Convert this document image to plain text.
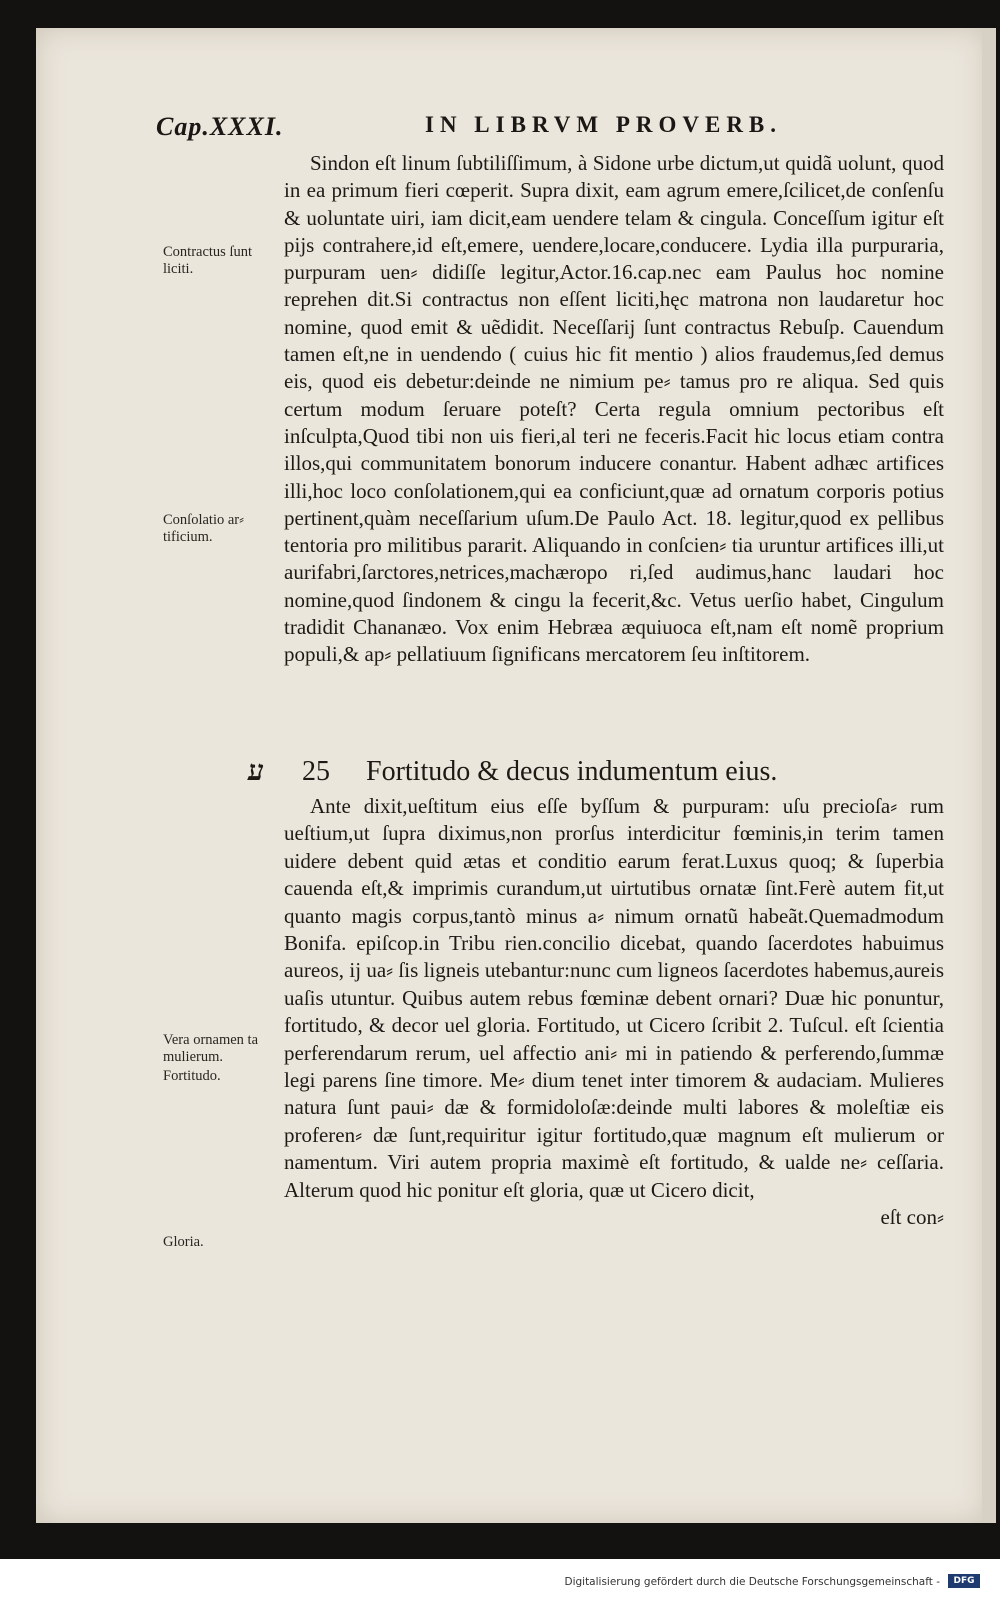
Cap.XXXI.	IN LIBRVM PROVERB.
Contractus ſunt liciti.
Conſolatio ar⸗ tificium.
Vera ornamen ta mulierum.
Fortitudo.
Gloria.

Sindon eſt linum ſubtiliſſimum, à Sidone urbe dictum,ut quidã uolunt, quod in ea primum fieri cœperit. Supra dixit, eam agrum emere,ſcilicet,de conſenſu & uoluntate uiri, iam dicit,eam uendere telam & cingula. Conceſſum igitur eſt pijs contrahere,id eſt,emere, uendere,locare,conducere. Lydia illa purpuraria, purpuram uen⸗ didiſſe legitur,Actor.16.cap.nec eam Paulus hoc nomine reprehen dit.Si contractus non eſſent liciti,hęc matrona non laudaretur hoc nomine, quod emit & uẽdidit. Neceſſarij ſunt contractus Rebuſp. Cauendum tamen eſt,ne in uendendo ( cuius hic fit mentio ) alios fraudemus,ſed demus eis, quod eis debetur:deinde ne nimium pe⸗ tamus pro re aliqua. Sed quis certum modum ſeruare poteſt? Certa regula omnium pectoribus eſt inſculpta,Quod tibi non uis fieri,al teri ne feceris.Facit hic locus etiam contra illos,qui communitatem bonorum inducere conantur. Habent adhæc artifices illi,hoc loco conſolationem,qui ea conficiunt,quæ ad ornatum corporis potius pertinent,quàm neceſſarium uſum.De Paulo Act. 18. legitur,quod ex pellibus tentoria pro militibus pararit. Aliquando in conſcien⸗ tia uruntur artifices illi,ut aurifabri,ſarctores,netrices,machæropo ri,ſed audimus,hanc laudari hoc nomine,quod ſindonem & cingu la fecerit,&c. Vetus uerſio habet, Cingulum tradidit Chananæo. Vox enim Hebræa æquiuoca eſt,nam eſt nomẽ proprium populi,& ap⸗ pellatiuum ſignificans mercatorem ſeu inſtitorem.

ע 25 Fortitudo & decus indumentum eius.

Ante dixit,ueſtitum eius eſſe byſſum & purpuram: uſu precioſa⸗ rum ueſtium,ut ſupra diximus,non prorſus interdicitur fœminis,in terim tamen uidere debent quid ætas et conditio earum ferat.Luxus quoq; & ſuperbia cauenda eſt,& imprimis curandum,ut uirtutibus ornatæ ſint.Ferè autem fit,ut quanto magis corpus,tantò minus a⸗ nimum ornatũ habeãt.Quemadmodum Bonifa. epiſcop.in Tribu rien.concilio dicebat, quando ſacerdotes habuimus aureos, ij ua⸗ ſis ligneis utebantur:nunc cum ligneos ſacerdotes habemus,aureis uaſis utuntur. Quibus autem rebus fœminæ debent ornari? Duæ hic ponuntur, fortitudo, & decor uel gloria. Fortitudo, ut Cicero ſcribit 2. Tuſcul. eſt ſcientia perferendarum rerum, uel affectio ani⸗ mi in patiendo & perferendo,ſummæ legi parens ſine timore. Me⸗ dium tenet inter timorem & audaciam. Mulieres natura ſunt paui⸗ dæ & formidoloſæ:deinde multi labores & moleſtiæ eis proferen⸗ dæ ſunt,requiritur igitur fortitudo,quæ magnum eſt mulierum or namentum. Viri autem propria maximè eſt fortitudo, & ualde ne⸗ ceſſaria. Alterum quod hic ponitur eſt gloria, quæ ut Cicero dicit,

eſt con⸗

Digitalisierung gefördert durch die Deutsche Forschungsgemeinschaft -	DFG
